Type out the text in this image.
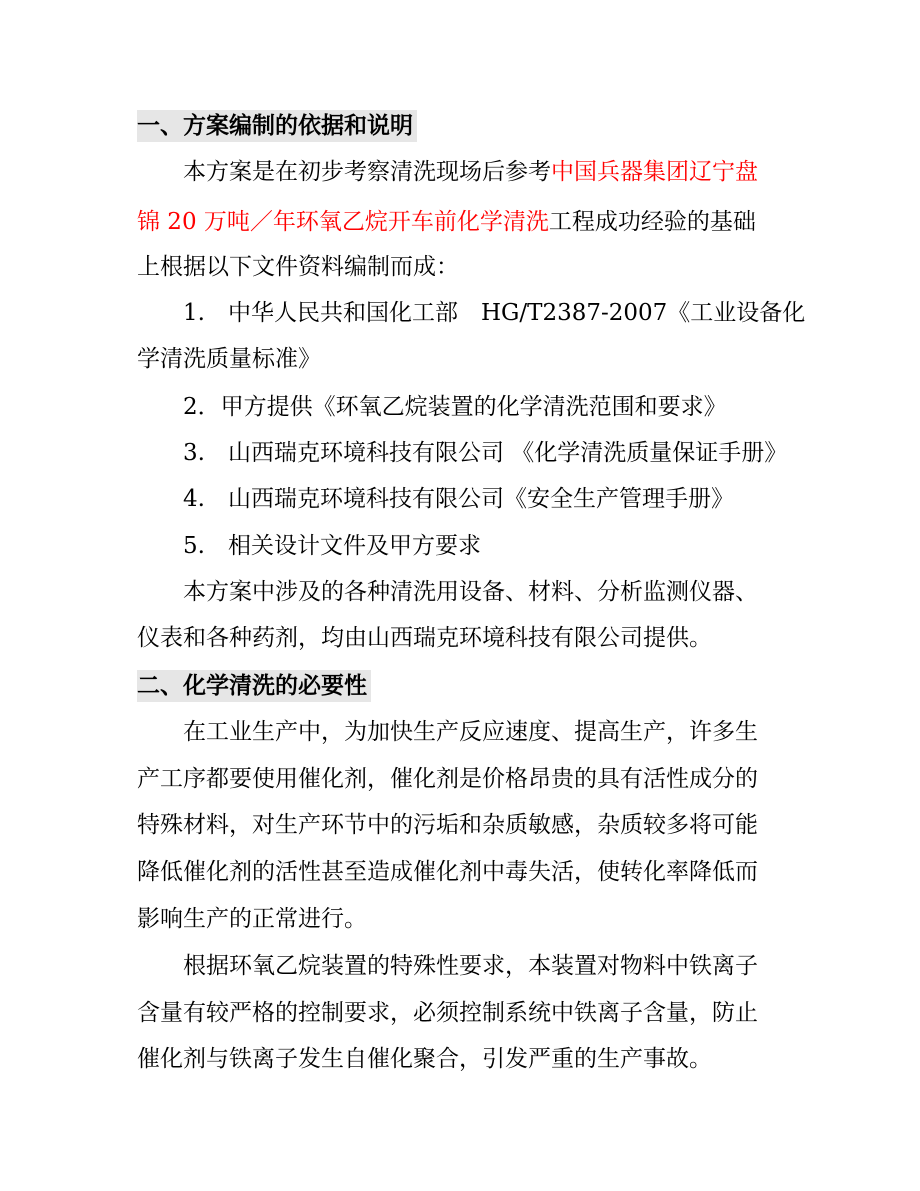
一、方案编制的依据和说明
本方案是在初步考察清洗现场后参考中国兵器集团辽宁盘
锦 20 万吨／年环氧乙烷开车前化学清洗工程成功经验的基础
上根据以下文件资料编制而成：
1.　中华人民共和国化工部　HG/T2387-2007《工业设备化
学清洗质量标准》
2．甲方提供《环氧乙烷装置的化学清洗范围和要求》
3.　山西瑞克环境科技有限公司 《化学清洗质量保证手册》
4.　山西瑞克环境科技有限公司《安全生产管理手册》
5.　相关设计文件及甲方要求
本方案中涉及的各种清洗用设备、材料、分析监测仪器、
仪表和各种药剂，均由山西瑞克环境科技有限公司提供。
二、化学清洗的必要性
在工业生产中，为加快生产反应速度、提高生产，许多生
产工序都要使用催化剂，催化剂是价格昂贵的具有活性成分的
特殊材料，对生产环节中的污垢和杂质敏感，杂质较多将可能
降低催化剂的活性甚至造成催化剂中毒失活，使转化率降低而
影响生产的正常进行。
根据环氧乙烷装置的特殊性要求，本装置对物料中铁离子
含量有较严格的控制要求，必须控制系统中铁离子含量，防止
催化剂与铁离子发生自催化聚合，引发严重的生产事故。
